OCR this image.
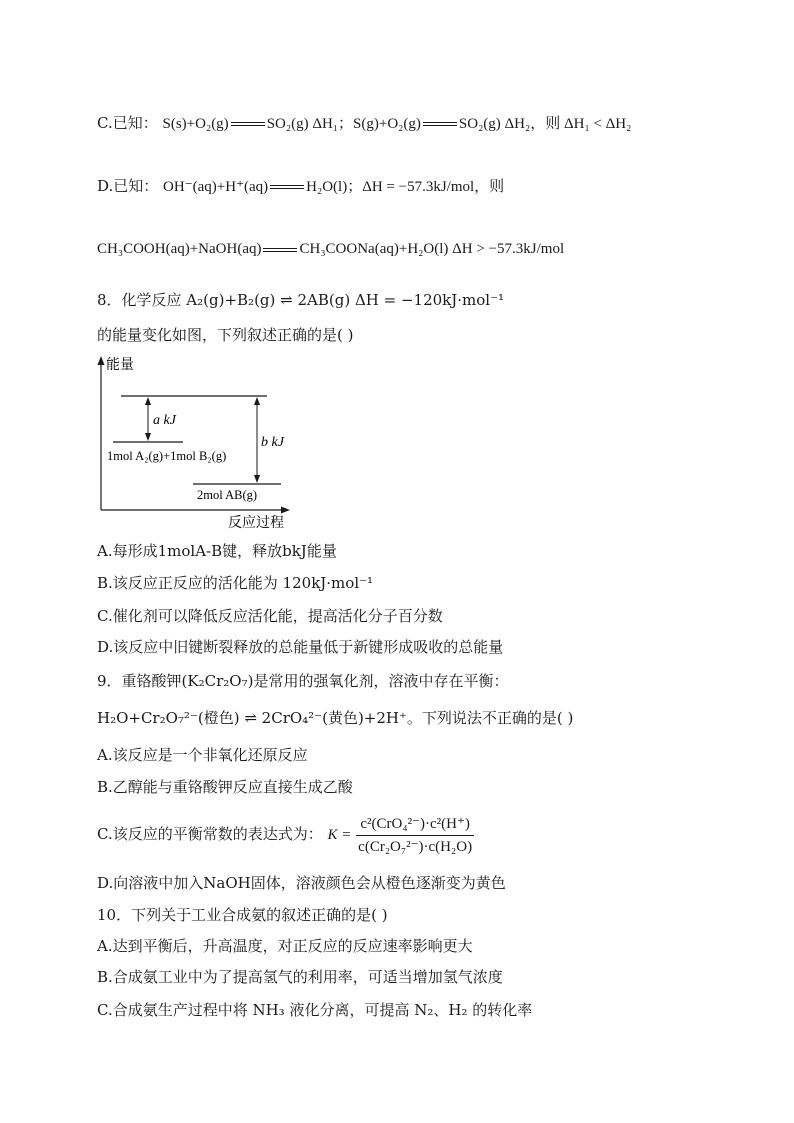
C.已知： S(s)+O₂(g)	SO₂(g) ΔH₁；S(g)+O₂(g)	SO₂(g) ΔH₂，则 ΔH₁ < ΔH₂
D.已知： OH⁻(aq)+H⁺(aq)	H₂O(l)；ΔH = −57.3kJ/mol，则
CH₃COOH(aq)+NaOH(aq)	CH₃COONa(aq)+H₂O(l) ΔH > −57.3kJ/mol
8．化学反应 A₂(g)+B₂(g) ⇌ 2AB(g) ΔH = −120kJ·mol⁻¹
的能量变化如图，下列叙述正确的是( )
能量
a kJ
b kJ
1mol A₂(g)+1mol B₂(g)
2mol AB(g)
反应过程
A.每形成1molA-B键，释放bkJ能量
B.该反应正反应的活化能为 120kJ·mol⁻¹
C.催化剂可以降低反应活化能，提高活化分子百分数
D.该反应中旧键断裂释放的总能量低于新键形成吸收的总能量
9．重铬酸钾(K₂Cr₂O₇)是常用的强氧化剂，溶液中存在平衡：
H₂O+Cr₂O₇²⁻(橙色) ⇌ 2CrO₄²⁻(黄色)+2H⁺。下列说法不正确的是( )
A.该反应是一个非氧化还原反应
B.乙醇能与重铬酸钾反应直接生成乙酸
C.该反应的平衡常数的表达式为： $K = \frac{\text{c²(CrO₄²⁻)·c²(H⁺)}}{\text{c(Cr₂O₇²⁻)·c(H₂O)}}$
D.向溶液中加入NaOH固体，溶液颜色会从橙色逐渐变为黄色
10．下列关于工业合成氨的叙述正确的是( )
A.达到平衡后，升高温度，对正反应的反应速率影响更大
B.合成氨工业中为了提高氢气的利用率，可适当增加氢气浓度
C.合成氨生产过程中将 NH₃ 液化分离，可提高 N₂、H₂ 的转化率
